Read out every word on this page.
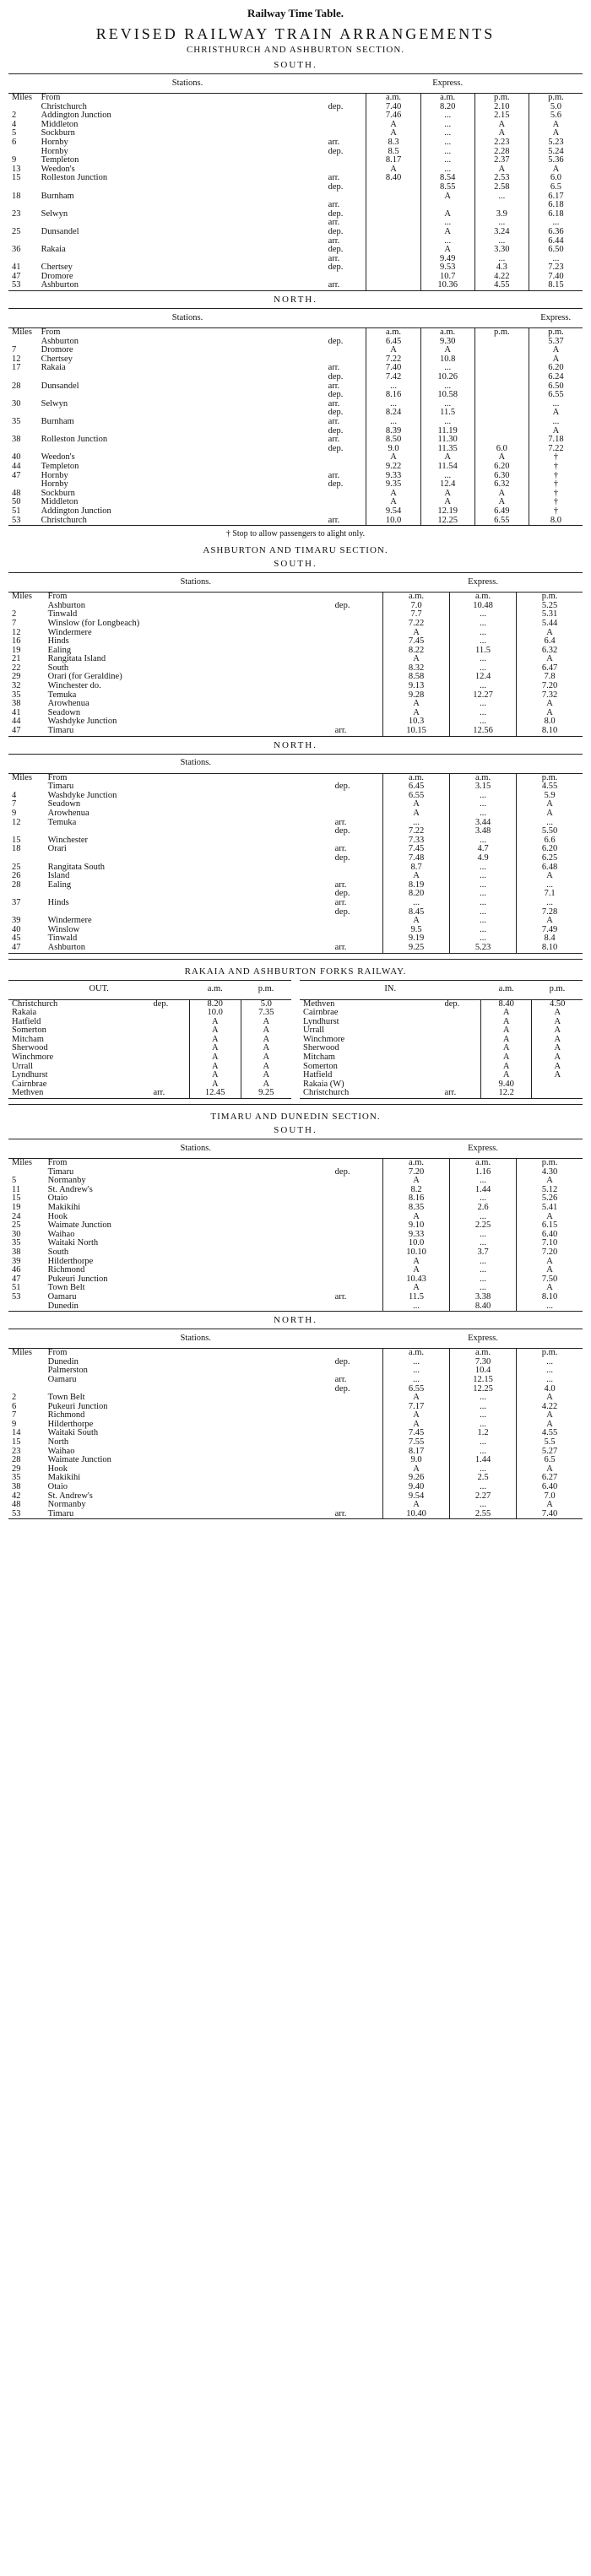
Railway Time Table.
REVISED RAILWAY TRAIN ARRANGEMENTS
CHRISTHURCH AND ASHBURTON SECTION.
SOUTH.
Stations.				Express.		
Miles	From		a.m.	a.m.	p.m.	p.m.
	Christchurch	dep.	7.40	8.20	2.10	5.0
2	Addington Junction		7.46	...	2.15	5.6
4	Middleton		A	...	A	A
5	Sockburn		A	...	A	A
6	Hornby	arr.	8.3	...	2.23	5.23
	Hornby	dep.	8.5	...	2.28	5.24
9	Templeton		8.17	...	2.37	5.36
13	Weedon's		A	...	A	A
15	Rolleston Junction	arr.	8.40	8.54	2.53	6.0
		dep.		8.55	2.58	6.5
18	Burnham			A	...	6.17
		arr.				6.18
23	Selwyn	dep.		A	3.9	6.18
		arr.		...	...	...
25	Dunsandel	dep.		A	3.24	6.36
		arr.		...	...	6.44
36	Rakaia	dep.		A	3.30	6.50
		arr.		9.49	...	...
41	Chertsey	dep.		9.53	4.3	7.23
47	Dromore			10.7	4.22	7.40
53	Ashburton	arr.		10.36	4.55	8.15
NORTH.
Stations.						Express.
Miles	From		a.m.	a.m.	p.m.	p.m.
	Ashburton	dep.	6.45	9.30		5.37
7	Dromore		A	A		A
12	Chertsey		7.22	10.8		A
17	Rakaia	arr.	7.40	...		6.20
		dep.	7.42	10.26		6.24
28	Dunsandel	arr.	...	...		6.50
		dep.	8.16	10.58		6.55
30	Selwyn	arr.	...	...		...
		dep.	8.24	11.5		A
35	Burnham	arr.	...	...		...
		dep.	8.39	11.19		A
38	Rolleston Junction	arr.	8.50	11.30		7.18
		dep.	9.0	11.35	6.0	7.22
40	Weedon's		A	A	A	†
44	Templeton		9.22	11.54	6.20	†
47	Hornby	arr.	9.33	...	6.30	†
	Hornby	dep.	9.35	12.4	6.32	†
48	Sockburn		A	A	A	†
50	Middleton		A	A	A	†
51	Addington Junction		9.54	12.19	6.49	†
53	Christchurch	arr.	10.0	12.25	6.55	8.0
† Stop to allow passengers to alight only.
ASHBURTON AND TIMARU SECTION.
SOUTH.
Stations.				Express.	
Miles	From		a.m.	a.m.	p.m.
	Ashburton	dep.	7.0	10.48	5.25
2	Tinwald		7.7	...	5.31
7	Winslow (for Longbeach)		7.22	...	5.44
12	Windermere		A	...	A
16	Hinds		7.45	...	6.4
19	Ealing		8.22	11.5	6.32
21	Rangitata Island		A	...	A
22	South		8.32	...	6.47
29	Orari (for Geraldine)		8.58	12.4	7.8
32	Winchester do.		9.13	...	7.20
35	Temuka		9.28	12.27	7.32
38	Arowhenua		A	...	A
41	Seadown		A	...	A
44	Washdyke Junction		10.3	...	8.0
47	Timaru	arr.	10.15	12.56	8.10
NORTH.
Stations.					
Miles	From		a.m.	a.m.	p.m.
	Timaru	dep.	6.45	3.15	4.55
4	Washdyke Junction		6.55	...	5.9
7	Seadown		A	...	A
9	Arowhenua		A	...	A
12	Temuka	arr.	...	3.44	...
		dep.	7.22	3.48	5.50
15	Winchester		7.33	...	6.6
18	Orari	arr.	7.45	4.7	6.20
		dep.	7.48	4.9	6.25
25	Rangitata South		8.7	...	6.48
26	Island		A	...	A
28	Ealing	arr.	8.19	...	...
		dep.	8.20	...	7.1
37	Hinds	arr.	...	...	...
		dep.	8.45	...	7.28
39	Windermere		A	...	A
40	Winslow		9.5	...	7.49
45	Tinwald		9.19	...	8.4
47	Ashburton	arr.	9.25	5.23	8.10
RAKAIA AND ASHBURTON FORKS RAILWAY.
OUT.		a.m.	p.m.
Christchurch	dep.	8.20	5.0
Rakaia		10.0	7.35
Hatfield		A	A
Somerton		A	A
Mitcham		A	A
Sherwood		A	A
Winchmore		A	A
Urrall		A	A
Lyndhurst		A	A
Cairnbrae		A	A
Methven	arr.	12.45	9.25
IN.		a.m.	p.m.
Methven	dep.	8.40	4.50
Cairnbrae		A	A
Lyndhurst		A	A
Urrall		A	A
Winchmore		A	A
Sherwood		A	A
Mitcham		A	A
Somerton		A	A
Hatfield		A	A
Rakaia (W)		9.40	
Christchurch	arr.	12.2	
TIMARU AND DUNEDIN SECTION.
SOUTH.
Stations.				Express.	
Miles	From		a.m.	a.m.	p.m.
	Timaru	dep.	7.20	1.16	4.30
5	Normanby		A	...	A
11	St. Andrew's		8.2	1.44	5.12
15	Otaio		8.16	...	5.26
19	Makikihi		8.35	2.6	5.41
24	Hook		A	...	A
25	Waimate Junction		9.10	2.25	6.15
30	Waihao		9.33	...	6.40
35	Waitaki North		10.0	...	7.10
38	South		10.10	3.7	7.20
39	Hilderthorpe		A	...	A
46	Richmond		A	...	A
47	Pukeuri Junction		10.43	...	7.50
51	Town Belt		A	...	A
53	Oamaru	arr.	11.5	3.38	8.10
	Dunedin		...	8.40	...
NORTH.
Stations.				Express.	
Miles	From		a.m.	a.m.	p.m.
	Dunedin	dep.	...	7.30	...
	Palmerston		...	10.4	...
	Oamaru	arr.	...	12.15	...
		dep.	6.55	12.25	4.0
2	Town Belt		A	...	A
6	Pukeuri Junction		7.17	...	4.22
7	Richmond		A	...	A
9	Hilderthorpe		A	...	A
14	Waitaki South		7.45	1.2	4.55
15	North		7.55	...	5.5
23	Waihao		8.17	...	5.27
28	Waimate Junction		9.0	1.44	6.5
29	Hook		A	...	A
35	Makikihi		9.26	2.5	6.27
38	Otaio		9.40	...	6.40
42	St. Andrew's		9.54	2.27	7.0
48	Normanby		A	...	A
53	Timaru	arr.	10.40	2.55	7.40
